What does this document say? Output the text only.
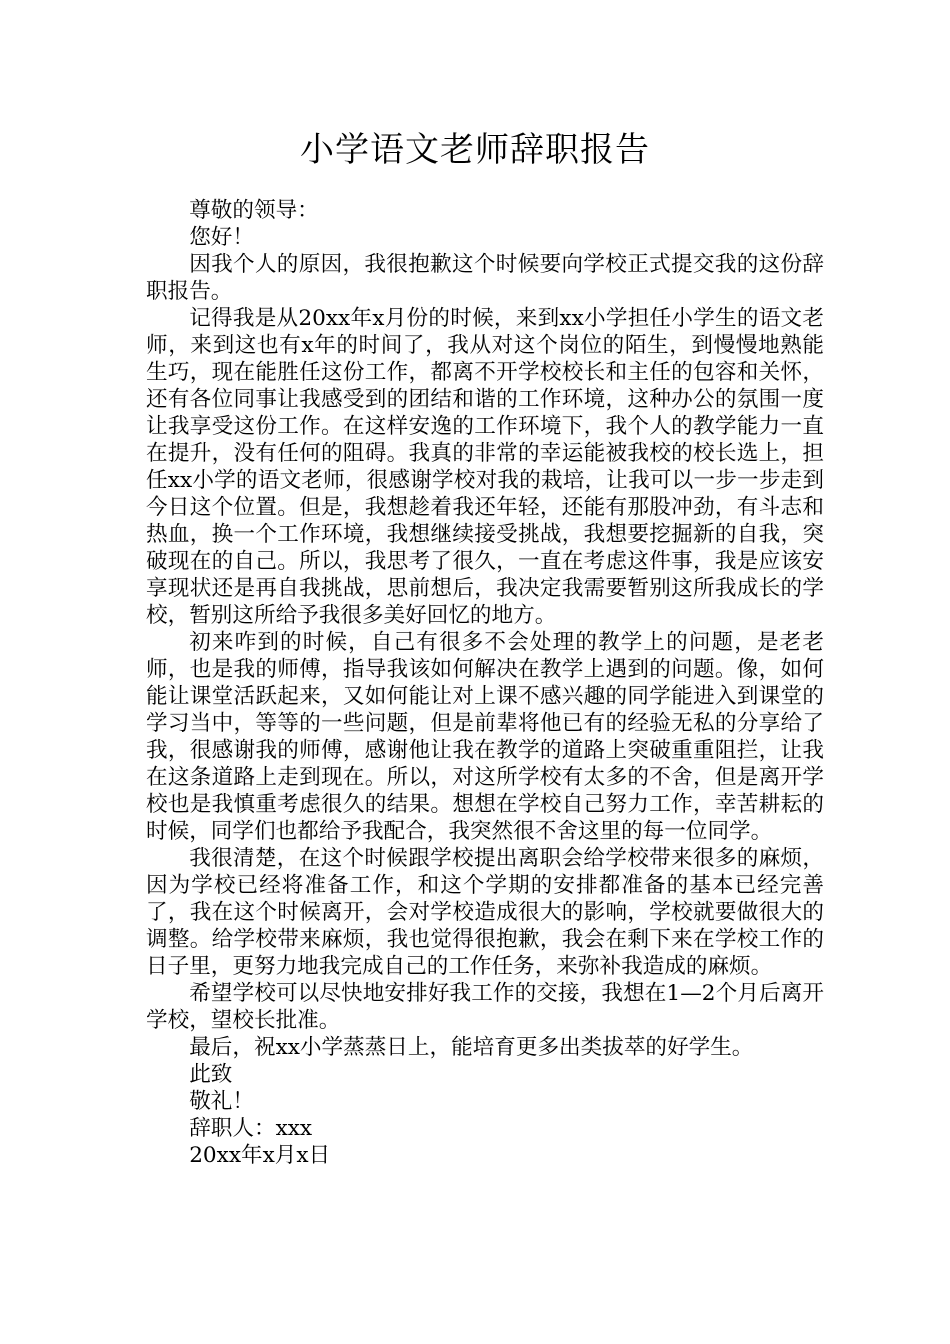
小学语文老师辞职报告

尊敬的领导：

您好！

因我个人的原因，我很抱歉这个时候要向学校正式提交我的这份辞职报告。

记得我是从20xx年x月份的时候，来到xx小学担任小学生的语文老师，来到这也有x年的时间了，我从对这个岗位的陌生，到慢慢地熟能生巧，现在能胜任这份工作，都离不开学校校长和主任的包容和关怀，还有各位同事让我感受到的团结和谐的工作环境，这种办公的氛围一度让我享受这份工作。在这样安逸的工作环境下，我个人的教学能力一直在提升，没有任何的阻碍。我真的非常的幸运能被我校的校长选上，担任xx小学的语文老师，很感谢学校对我的栽培，让我可以一步一步走到今日这个位置。但是，我想趁着我还年轻，还能有那股冲劲，有斗志和热血，换一个工作环境，我想继续接受挑战，我想要挖掘新的自我，突破现在的自己。所以，我思考了很久，一直在考虑这件事，我是应该安享现状还是再自我挑战，思前想后，我决定我需要暂别这所我成长的学校，暂别这所给予我很多美好回忆的地方。

初来咋到的时候，自己有很多不会处理的教学上的问题，是老老师，也是我的师傅，指导我该如何解决在教学上遇到的问题。像，如何能让课堂活跃起来，又如何能让对上课不感兴趣的同学能进入到课堂的学习当中，等等的一些问题，但是前辈将他已有的经验无私的分享给了我，很感谢我的师傅，感谢他让我在教学的道路上突破重重阻拦，让我在这条道路上走到现在。所以，对这所学校有太多的不舍，但是离开学校也是我慎重考虑很久的结果。想想在学校自己努力工作，幸苦耕耘的时候，同学们也都给予我配合，我突然很不舍这里的每一位同学。

我很清楚，在这个时候跟学校提出离职会给学校带来很多的麻烦，因为学校已经将准备工作，和这个学期的安排都准备的基本已经完善了，我在这个时候离开，会对学校造成很大的影响，学校就要做很大的调整。给学校带来麻烦，我也觉得很抱歉，我会在剩下来在学校工作的日子里，更努力地我完成自己的工作任务，来弥补我造成的麻烦。

希望学校可以尽快地安排好我工作的交接，我想在1—2个月后离开学校，望校长批准。

最后，祝xx小学蒸蒸日上，能培育更多出类拔萃的好学生。

此致

敬礼！

辞职人：xxx

20xx年x月x日
